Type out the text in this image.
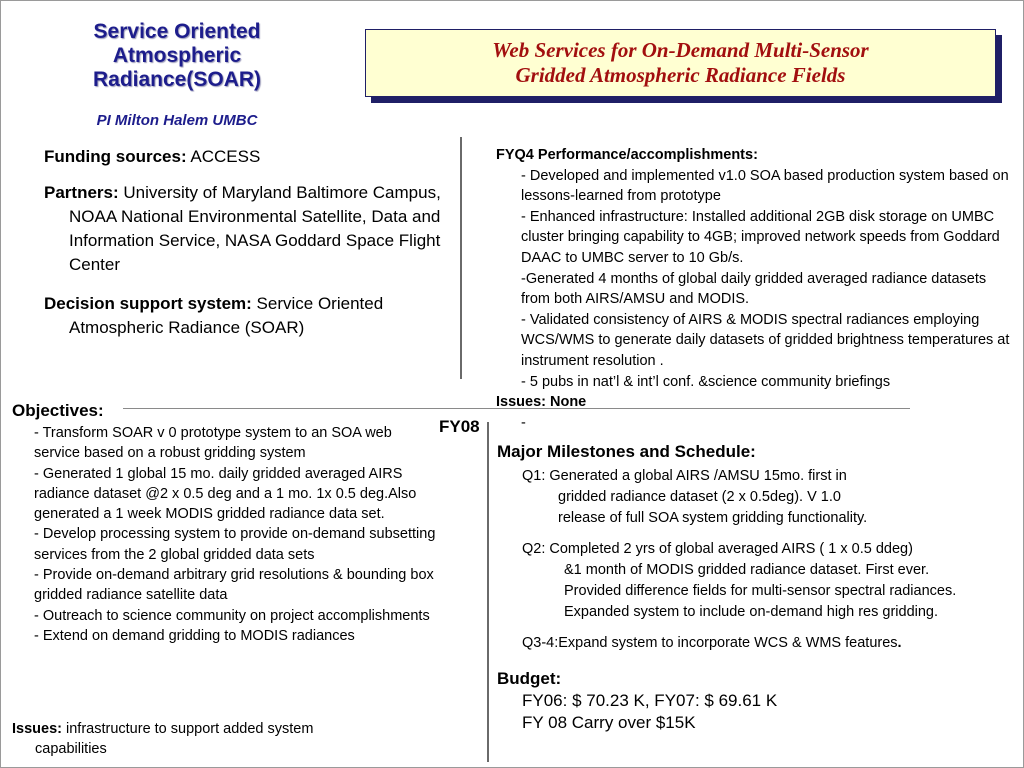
Service Oriented Atmospheric Radiance(SOAR)
PI Milton Halem UMBC
Web Services for On-Demand Multi-Sensor
Gridded Atmospheric Radiance Fields
Funding sources: ACCESS
Partners: University of Maryland Baltimore Campus, NOAA National Environmental Satellite, Data and Information Service, NASA Goddard Space Flight Center
Decision support system: Service Oriented Atmospheric Radiance (SOAR)
FYQ4 Performance/accomplishments:
- Developed and implemented v1.0 SOA based production system based on lessons-learned from prototype
- Enhanced infrastructure: Installed additional 2GB disk storage on UMBC cluster bringing capability to 4GB; improved network speeds from Goddard DAAC to UMBC server to 10 Gb/s.
-Generated 4 months of global daily gridded averaged radiance datasets from both AIRS/AMSU and MODIS.
- Validated consistency of AIRS & MODIS spectral radiances employing WCS/WMS to generate daily datasets of gridded brightness temperatures at instrument resolution .
- 5 pubs in nat’l & int’l conf. &science community briefings
Issues: None
-
FY08
Objectives:
- Transform SOAR v 0 prototype system to an SOA web service based on a robust gridding system
- Generated 1 global 15 mo. daily gridded averaged AIRS radiance dataset @2 x 0.5 deg and a 1 mo. 1x 0.5 deg.Also generated a 1 week MODIS gridded radiance data set.
- Develop processing system to provide on-demand subsetting services from the 2 global gridded data sets
- Provide on-demand arbitrary grid resolutions & bounding box gridded radiance satellite data
- Outreach to science community on project accomplishments
- Extend on demand gridding to MODIS radiances
Issues: infrastructure to support added system
capabilities
Major Milestones and Schedule:
Q1: Generated a global AIRS /AMSU 15mo. first in
gridded radiance dataset (2 x 0.5deg). V 1.0
release of full SOA system gridding functionality.
Q2: Completed 2 yrs of global averaged AIRS ( 1 x 0.5 ddeg)
&1 month of MODIS gridded radiance dataset. First ever.
Provided difference fields for multi-sensor spectral radiances.
Expanded system to include on-demand high res gridding.
Q3-4:Expand system to incorporate WCS & WMS features.
Budget:
FY06: $ 70.23 K, FY07: $ 69.61 K
FY 08 Carry over $15K
